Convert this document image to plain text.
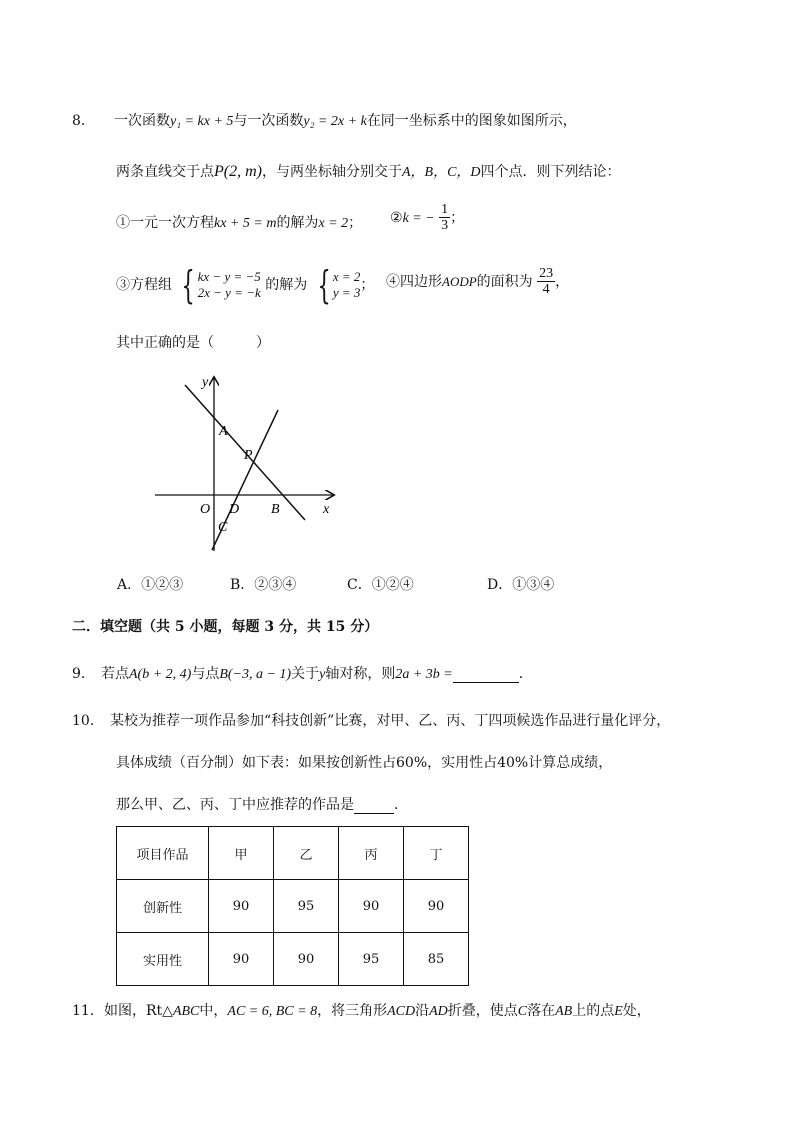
8． 一次函数y₁ = kx + 5与一次函数y₂ = 2x + k在同一坐标系中的图象如图所示，
两条直线交于点P(2, m)，与两坐标轴分别交于A，B，C，D四个点．则下列结论：
①一元一次方程kx + 5 = m的解为x = 2； ②k = − $\frac{1}{3}$ ；
③方程组 { kx − y = −5
2x − y = −k 的解为 { x = 2
y = 3 ； ④四边形AODP的面积为 $\frac{23}{4}$ ，
其中正确的是（　　　）
y
x
A
P
O D B
C
A．①②③	B．②③④	C．①②④	D．①③④
二．填空题（共 5 小题，每题 3 分，共 15 分）
9． 若点A(b + 2, 4)与点B(−3, a − 1)关于y轴对称，则2a + 3b =	．
10． 某校为推荐一项作品参加“科技创新”比赛，对甲、乙、丙、丁四项候选作品进行量化评分，
具体成绩（百分制）如下表：如果按创新性占60%，实用性占40%计算总成绩，
那么甲、乙、丙、丁中应推荐的作品是	．
项目作品	甲	乙	丙	丁
创新性	90	95	90	90
实用性	90	90	95	85
11． 如图，Rt△ABC中，AC = 6, BC = 8，将三角形ACD沿AD折叠，使点C落在AB上的点E处，
